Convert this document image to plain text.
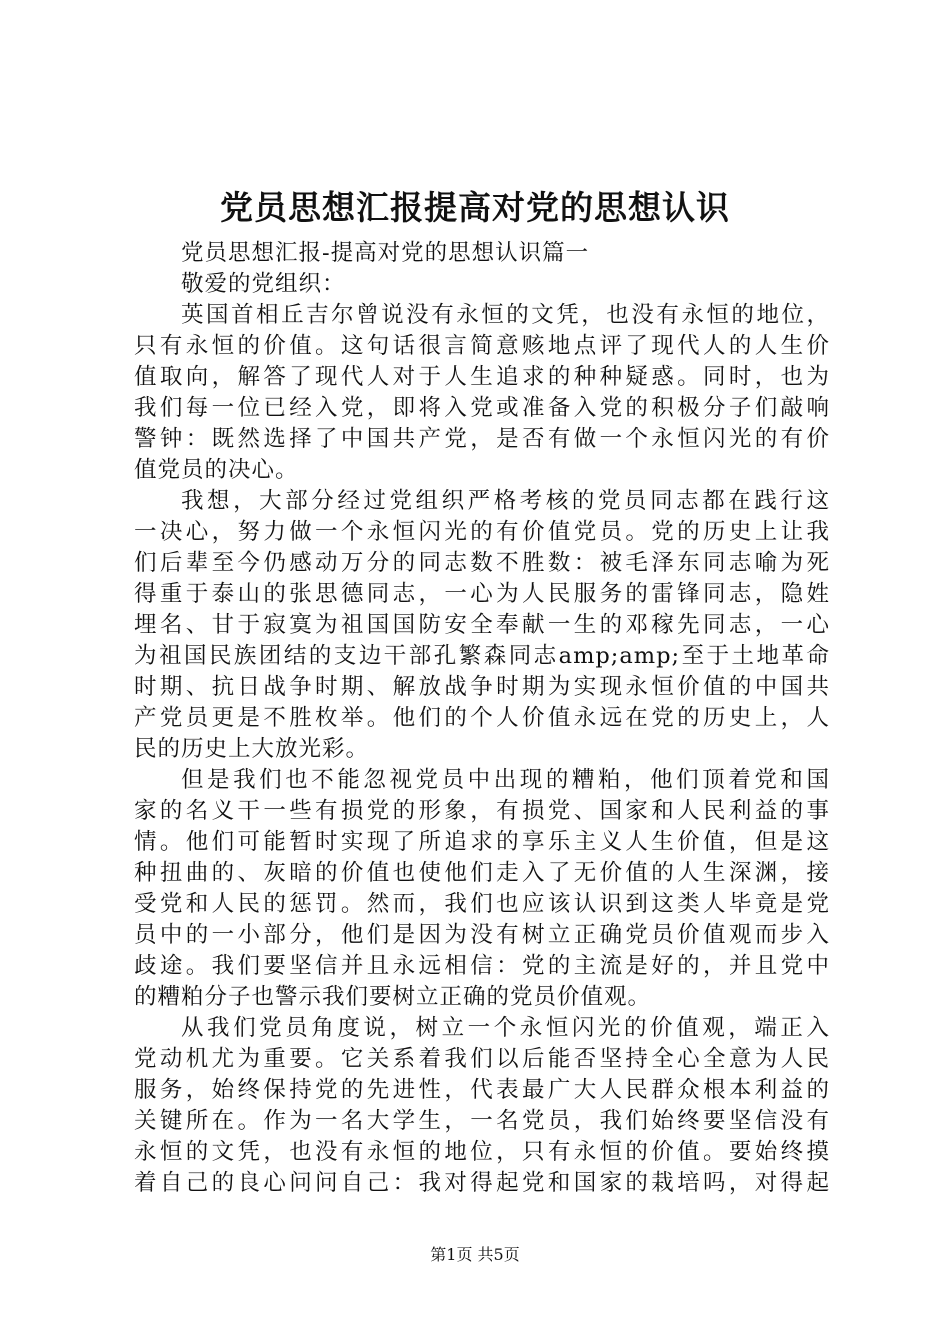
党员思想汇报提高对党的思想认识
党员思想汇报-提高对党的思想认识篇一
敬爱的党组织：
英国首相丘吉尔曾说没有永恒的文凭，也没有永恒的地位，
只有永恒的价值。这句话很言简意赅地点评了现代人的人生价
值取向，解答了现代人对于人生追求的种种疑惑。同时，也为
我们每一位已经入党，即将入党或准备入党的积极分子们敲响
警钟：既然选择了中国共产党，是否有做一个永恒闪光的有价
值党员的决心。
我想，大部分经过党组织严格考核的党员同志都在践行这
一决心，努力做一个永恒闪光的有价值党员。党的历史上让我
们后辈至今仍感动万分的同志数不胜数：被毛泽东同志喻为死
得重于泰山的张思德同志，一心为人民服务的雷锋同志，隐姓
埋名、甘于寂寞为祖国国防安全奉献一生的邓稼先同志，一心
为祖国民族团结的支边干部孔繁森同志amp;amp;至于土地革命
时期、抗日战争时期、解放战争时期为实现永恒价值的中国共
产党员更是不胜枚举。他们的个人价值永远在党的历史上，人
民的历史上大放光彩。
但是我们也不能忽视党员中出现的糟粕，他们顶着党和国
家的名义干一些有损党的形象，有损党、国家和人民利益的事
情。他们可能暂时实现了所追求的享乐主义人生价值，但是这
种扭曲的、灰暗的价值也使他们走入了无价值的人生深渊，接
受党和人民的惩罚。然而，我们也应该认识到这类人毕竟是党
员中的一小部分，他们是因为没有树立正确党员价值观而步入
歧途。我们要坚信并且永远相信：党的主流是好的，并且党中
的糟粕分子也警示我们要树立正确的党员价值观。
从我们党员角度说，树立一个永恒闪光的价值观，端正入
党动机尤为重要。它关系着我们以后能否坚持全心全意为人民
服务，始终保持党的先进性，代表最广大人民群众根本利益的
关键所在。作为一名大学生，一名党员，我们始终要坚信没有
永恒的文凭，也没有永恒的地位，只有永恒的价值。要始终摸
着自己的良心问问自己：我对得起党和国家的栽培吗，对得起
第1页 共5页
